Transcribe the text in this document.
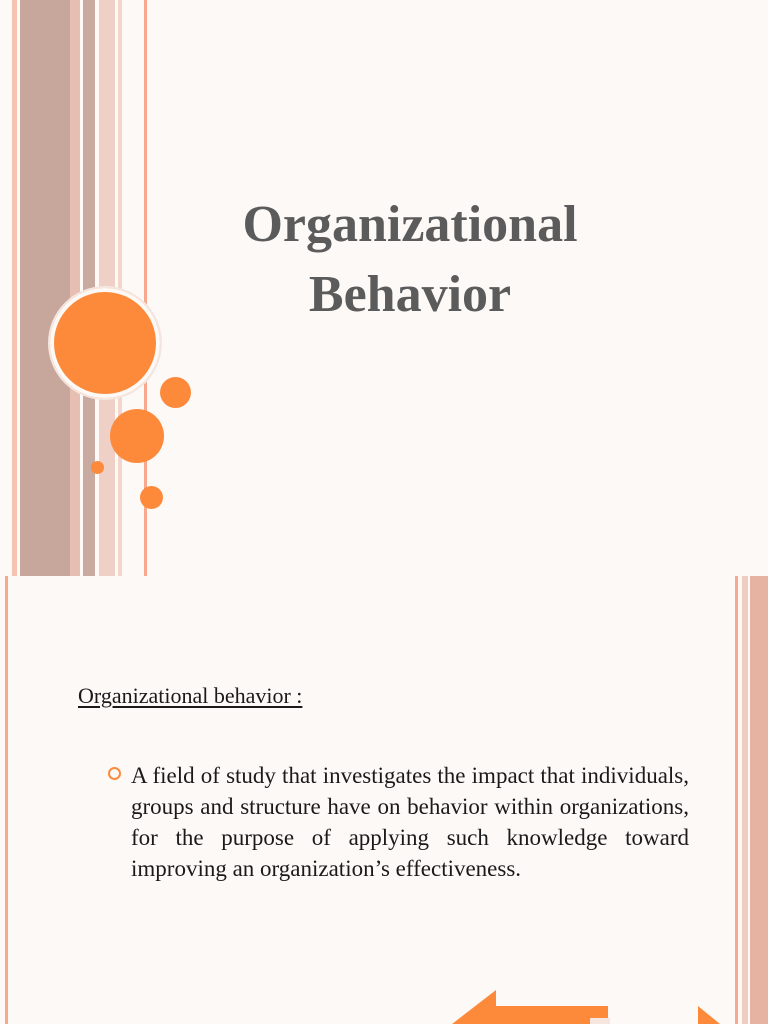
Organizational Behavior
Organizational behavior :
A field of study that investigates the impact that individuals, groups and structure have on behavior within organizations, for the purpose of applying such knowledge toward improving an organization’s effectiveness.
